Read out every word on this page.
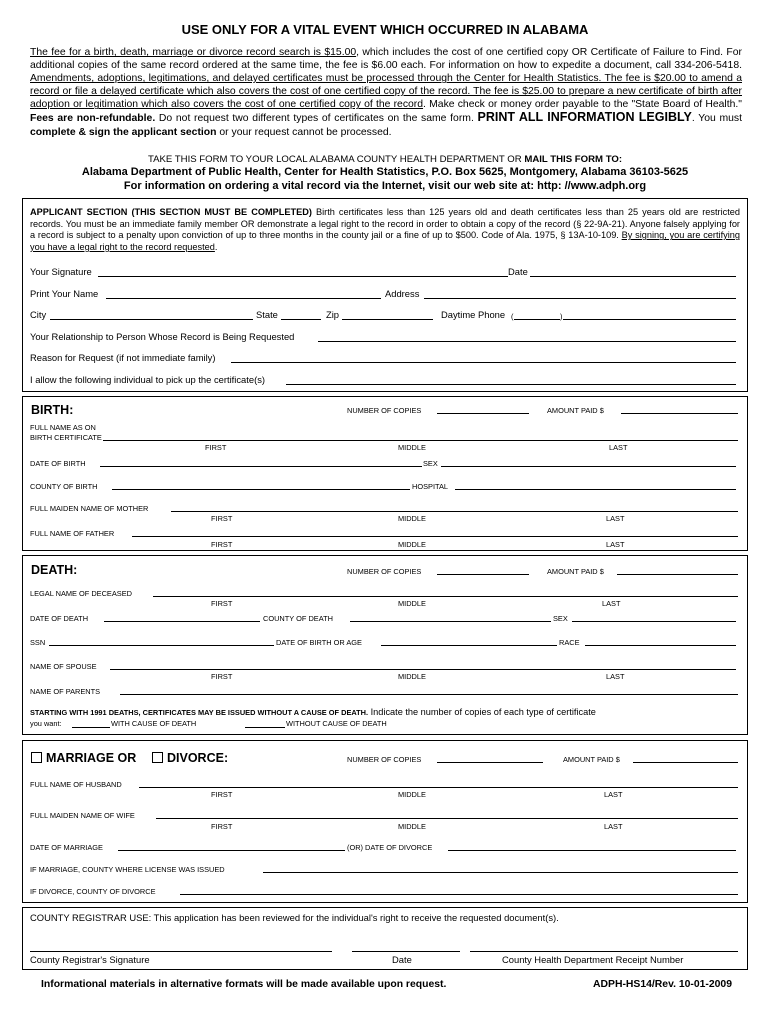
USE ONLY FOR A VITAL EVENT WHICH OCCURRED IN ALABAMA
The fee for a birth, death, marriage or divorce record search is $15.00, which includes the cost of one certified copy OR Certificate of Failure to Find. For additional copies of the same record ordered at the same time, the fee is $6.00 each. For information on how to expedite a document, call 334-206-5418. Amendments, adoptions, legitimations, and delayed certificates must be processed through the Center for Health Statistics. The fee is $20.00 to amend a record or file a delayed certificate which also covers the cost of one certified copy of the record. The fee is $25.00 to prepare a new certificate of birth after adoption or legitimation which also covers the cost of one certified copy of the record. Make check or money order payable to the "State Board of Health." Fees are non-refundable. Do not request two different types of certificates on the same form. PRINT ALL INFORMATION LEGIBLY. You must complete & sign the applicant section or your request cannot be processed.
TAKE THIS FORM TO YOUR LOCAL ALABAMA COUNTY HEALTH DEPARTMENT OR MAIL THIS FORM TO:
Alabama Department of Public Health, Center for Health Statistics, P.O. Box 5625, Montgomery, Alabama 36103-5625
For information on ordering a vital record via the Internet, visit our web site at: http: //www.adph.org
APPLICANT SECTION (THIS SECTION MUST BE COMPLETED) Birth certificates less than 125 years old and death certificates less than 25 years old are restricted records. You must be an immediate family member OR demonstrate a legal right to the record in order to obtain a copy of the record (§ 22-9A-21). Anyone falsely applying for a record is subject to a penalty upon conviction of up to three months in the county jail or a fine of up to $500. Code of Ala. 1975, § 13A-10-109. By signing, you are certifying you have a legal right to the record requested.
Your Signature	Date
Print Your Name	Address
City	State	Zip	Daytime Phone (	)
Your Relationship to Person Whose Record is Being Requested
Reason for Request (if not immediate family)
I allow the following individual to pick up the certificate(s)
BIRTH:	NUMBER OF COPIES	AMOUNT PAID $
FULL NAME AS ON
BIRTH CERTIFICATE
FIRST	MIDDLE	LAST
DATE OF BIRTH	SEX
COUNTY OF BIRTH	HOSPITAL
FULL MAIDEN NAME OF MOTHER
FIRST	MIDDLE	LAST
FULL NAME OF FATHER
FIRST	MIDDLE	LAST
DEATH:	NUMBER OF COPIES	AMOUNT PAID $
LEGAL NAME OF DECEASED
FIRST	MIDDLE	LAST
DATE OF DEATH	COUNTY OF DEATH	SEX
SSN	DATE OF BIRTH OR AGE	RACE
NAME OF SPOUSE
FIRST	MIDDLE	LAST
NAME OF PARENTS
STARTING WITH 1991 DEATHS, CERTIFICATES MAY BE ISSUED WITHOUT A CAUSE OF DEATH. Indicate the number of copies of each type of certificate
you want:	WITH CAUSE OF DEATH	WITHOUT CAUSE OF DEATH
MARRIAGE OR	DIVORCE:	NUMBER OF COPIES	AMOUNT PAID $
FULL NAME OF HUSBAND
FIRST	MIDDLE	LAST
FULL MAIDEN NAME OF WIFE
FIRST	MIDDLE	LAST
DATE OF MARRIAGE	(OR) DATE OF DIVORCE
IF MARRIAGE, COUNTY WHERE LICENSE WAS ISSUED
IF DIVORCE, COUNTY OF DIVORCE
COUNTY REGISTRAR USE: This application has been reviewed for the individual's right to receive the requested document(s).
County Registrar's Signature	Date	County Health Department Receipt Number
Informational materials in alternative formats will be made available upon request.	ADPH-HS14/Rev. 10-01-2009
